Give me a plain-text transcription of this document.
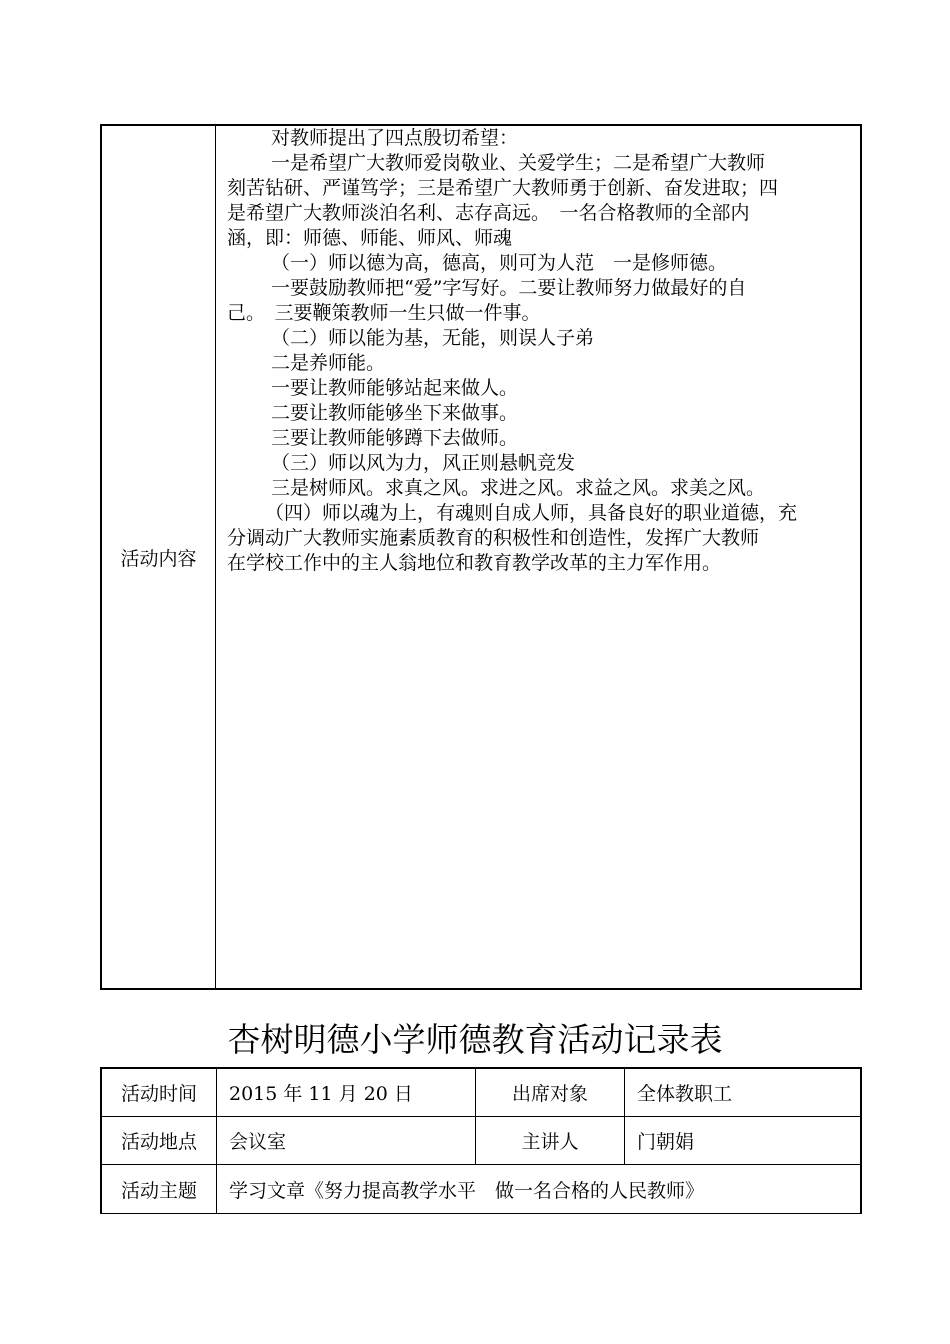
活动内容
对教师提出了四点殷切希望：
一是希望广大教师爱岗敬业、关爱学生；二是希望广大教师
刻苦钻研、严谨笃学；三是希望广大教师勇于创新、奋发进取；四
是希望广大教师淡泊名利、志存高远。　一名合格教师的全部内
涵，即：师德、师能、师风、师魂
（一）师以德为高，德高，则可为人范　一是修师德。
一要鼓励教师把“爱”字写好。二要让教师努力做最好的自
己。　三要鞭策教师一生只做一件事。
（二）师以能为基，无能，则误人子弟
二是养师能。
一要让教师能够站起来做人。
二要让教师能够坐下来做事。
三要让教师能够蹲下去做师。
（三）师以风为力，风正则悬帆竞发
三是树师风。求真之风。求进之风。求益之风。求美之风。
（四）师以魂为上，有魂则自成人师，具备良好的职业道德，充
分调动广大教师实施素质教育的积极性和创造性，发挥广大教师
在学校工作中的主人翁地位和教育教学改革的主力军作用。
杏树明德小学师德教育活动记录表
活动时间	2015 年 11 月 20 日	出席对象	全体教职工
活动地点	会议室	主讲人	门朝娟
活动主题	学习文章《努力提高教学水平　做一名合格的人民教师》
